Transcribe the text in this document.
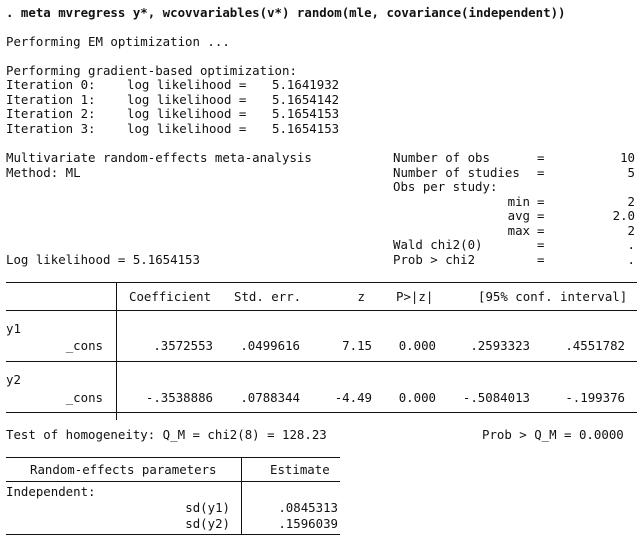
. meta mvregress y*, wcovvariables(v*) random(mle, covariance(independent))
Performing EM optimization ...
Performing gradient-based optimization:
Iteration 0:	log likelihood = 5.1641932
Iteration 1:	log likelihood = 5.1654142
Iteration 2:	log likelihood = 5.1654153
Iteration 3:	log likelihood = 5.1654153
Multivariate random-effects meta-analysis
Method: ML
Log likelihood = 5.1654153
Number of obs	=	10
Number of studies =	5
Obs per study:
min =	2
avg =	2.0
max =	2
Wald chi2(0)	=	.
Prob > chi2	=	.
Coefficient Std. err.	z	P>|z|	[95% conf. interval]
y1
_cons	.3572553	.0499616	7.15	0.000	.2593323	.4551782
y2
_cons	-.3538886	.0788344	-4.49	0.000	-.5084013	-.199376
Test of homogeneity: Q_M = chi2(8) = 128.23	Prob > Q_M = 0.0000
Random-effects parameters	Estimate
Independent:
sd(y1)	.0845313
sd(y2)	.1596039
